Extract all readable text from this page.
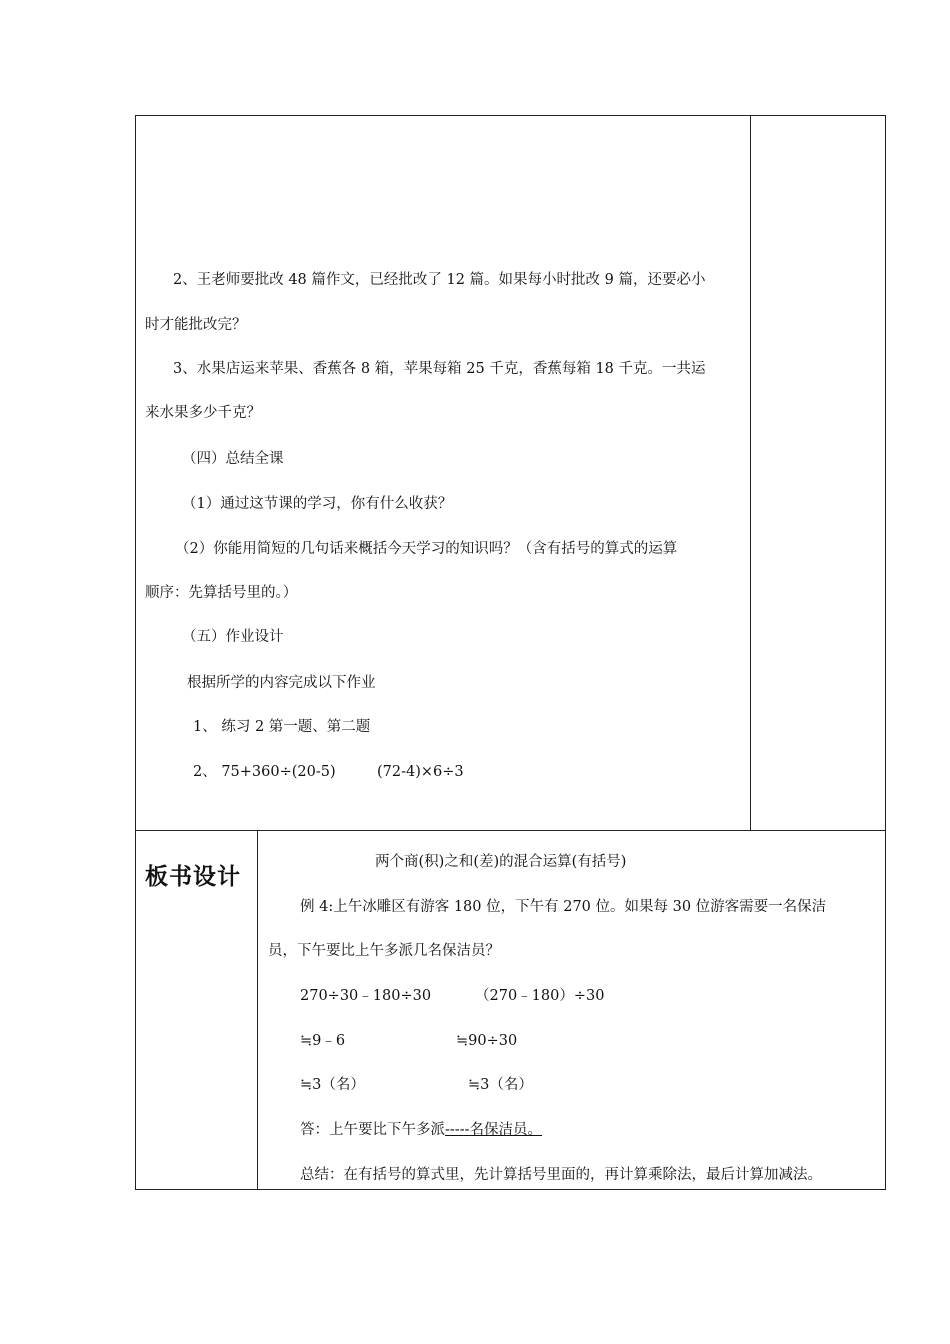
2、王老师要批改 48 篇作文，已经批改了 12 篇。如果每小时批改 9 篇，还要必小
时才能批改完？
3、水果店运来苹果、香蕉各 8 箱，苹果每箱 25 千克，香蕉每箱 18 千克。一共运
来水果多少千克？
（四）总结全课
（1）通过这节课的学习，你有什么收获？
（2）你能用简短的几句话来概括今天学习的知识吗？（含有括号的算式的运算
顺序：先算括号里的。）
（五）作业设计
根据所学的内容完成以下作业
1、 练习 2 第一题、第二题
2、 75+360÷(20-5)	(72-4)×6÷3
板书设计
两个商(积)之和(差)的混合运算(有括号)
例 4:上午冰雕区有游客 180 位，下午有 270 位。如果每 30 位游客需要一名保洁
员，下午要比上午多派几名保洁员？
270÷30﹣180÷30	（270﹣180）÷30
≒9﹣6	≒90÷30
≒3（名）	≒3（名）
答：上午要比下午多派-----名保洁员。
总结：在有括号的算式里，先计算括号里面的，再计算乘除法，最后计算加减法。
